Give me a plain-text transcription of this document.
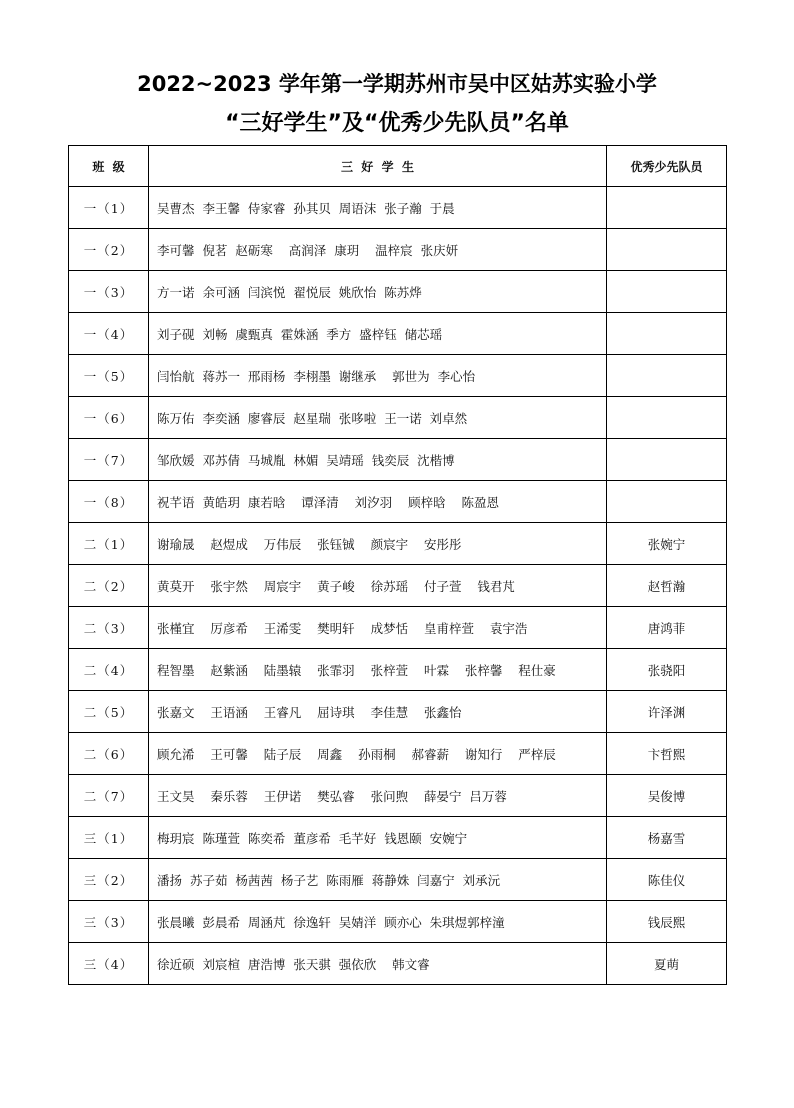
2022~2023 学年第一学期苏州市吴中区姑苏实验小学
“三好学生”及“优秀少先队员”名单
班  级	三  好  学  生	优秀少先队员
一（1）	吴曹杰  李王馨  侍家睿  孙其贝  周语沫  张子瀚  于晨	
一（2）	李可馨  倪茗  赵砺寒    高润泽  康玥    温梓宸  张庆妍	
一（3）	方一诺  余可涵  闫滨悦  翟悦辰  姚欣怡  陈苏烨	
一（4）	刘子砚  刘畅  虞甄真  霍姝涵  季方  盛梓钰  储芯瑶	
一（5）	闫怡航  蒋苏一  邢雨杨  李栩墨  谢继承    郭世为  李心怡	
一（6）	陈万佑  李奕涵  廖睿辰  赵星瑞  张哆啦  王一诺  刘卓然	
一（7）	邹欣媛  邓苏倩  马城胤  林媚  吴靖瑶  钱奕辰  沈楷博	
一（8）	祝芊语  黄皓玥  康若晗    谭泽清    刘汐羽    顾梓晗    陈盈恩	
二（1）	谢瑜晟    赵煜成    万伟辰    张钰铖    颜宸宇    安彤彤	张婉宁
二（2）	黄莫开    张宇然    周宸宇    黄子峻    徐苏瑶    付子萱    钱君芃	赵哲瀚
二（3）	张槿宜    厉彦希    王浠雯    樊明轩    成梦恬    皇甫梓萱    袁宇浩	唐鸿菲
二（4）	程智墨    赵紫涵    陆墨辕    张霏羽    张梓萱    叶霖    张梓馨    程仕豪	张骁阳
二（5）	张嘉文    王语涵    王睿凡    屈诗琪    李佳慧    张鑫怡	许泽渊
二（6）	顾允浠    王可馨    陆子辰    周鑫    孙雨桐    郝睿薪    谢知行    严梓辰	卞哲熙
二（7）	王文昊    秦乐蓉    王伊诺    樊弘睿    张问煦    薛晏宁  吕万蓉	吴俊博
三（1）	梅玥宸  陈瑾萱  陈奕希  董彦希  毛芊好  钱恩颐  安婉宁	杨嘉雪
三（2）	潘扬  苏子茹  杨茜茜  杨子艺  陈雨雁  蒋静姝  闫嘉宁  刘承沅	陈佳仪
三（3）	张晨曦  彭晨希  周涵芃  徐逸轩  吴婧洋  顾亦心  朱琪煜郭梓潼	钱辰熙
三（4）	徐近硕  刘宸楦  唐浩博  张天骐  强依欣    韩文睿	夏萌
